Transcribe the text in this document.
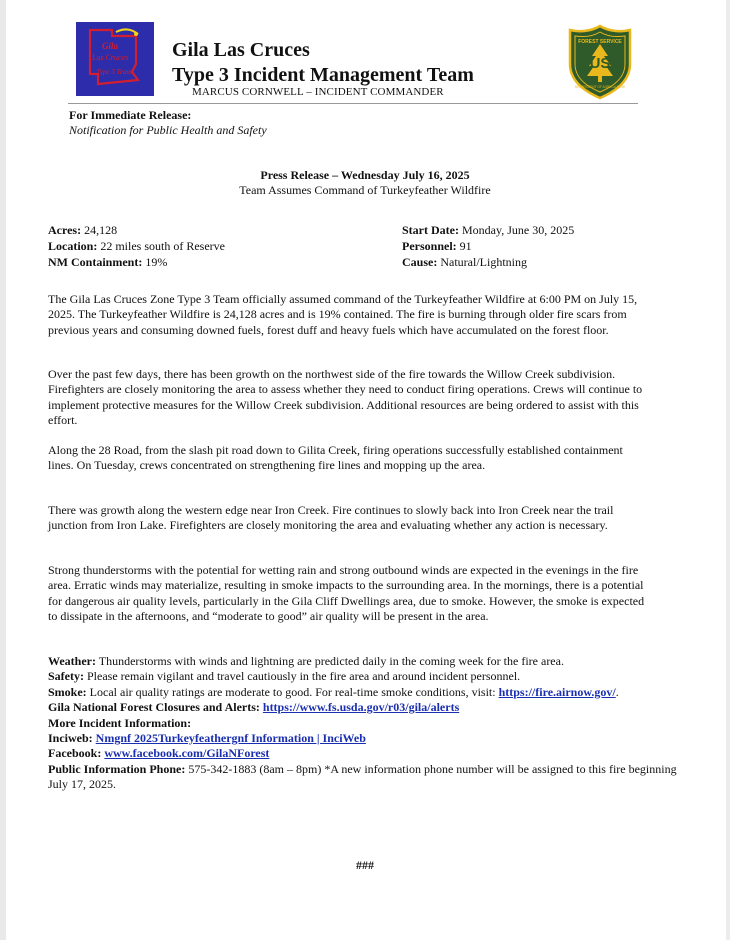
Gila
Las Cruces
Type 3 Team
Gila Las Cruces
Type 3 Incident Management Team
MARCUS CORNWELL – INCIDENT COMMANDER
FOREST SERVICE
US
DEPARTMENT OF AGRICULTURE
For Immediate Release:
Notification for Public Health and Safety
Press Release – Wednesday July 16, 2025
Team Assumes Command of Turkeyfeather Wildfire
Acres: 24,128
Location: 22 miles south of Reserve
NM Containment: 19%
Start Date: Monday, June 30, 2025
Personnel: 91
Cause: Natural/Lightning
The Gila Las Cruces Zone Type 3 Team officially assumed command of the Turkeyfeather Wildfire at 6:00 PM on July 15, 2025. The Turkeyfeather Wildfire is 24,128 acres and is 19% contained. The fire is burning through older fire scars from previous years and consuming downed fuels, forest duff and heavy fuels which have accumulated on the forest floor.
Over the past few days, there has been growth on the northwest side of the fire towards the Willow Creek subdivision. Firefighters are closely monitoring the area to assess whether they need to conduct firing operations. Crews will continue to implement protective measures for the Willow Creek subdivision. Additional resources are being ordered to assist with this effort.
Along the 28 Road, from the slash pit road down to Gilita Creek, firing operations successfully established containment lines. On Tuesday, crews concentrated on strengthening fire lines and mopping up the area.
There was growth along the western edge near Iron Creek. Fire continues to slowly back into Iron Creek near the trail junction from Iron Lake. Firefighters are closely monitoring the area and evaluating whether any action is necessary.
Strong thunderstorms with the potential for wetting rain and strong outbound winds are expected in the evenings in the fire area. Erratic winds may materialize, resulting in smoke impacts to the surrounding area. In the mornings, there is a potential for dangerous air quality levels, particularly in the Gila Cliff Dwellings area, due to smoke. However, the smoke is expected to dissipate in the afternoons, and “moderate to good” air quality will be present in the area.
Weather: Thunderstorms with winds and lightning are predicted daily in the coming week for the fire area.
Safety: Please remain vigilant and travel cautiously in the fire area and around incident personnel.
Smoke: Local air quality ratings are moderate to good. For real-time smoke conditions, visit: https://fire.airnow.gov/.
Gila National Forest Closures and Alerts: https://www.fs.usda.gov/r03/gila/alerts
More Incident Information:
Inciweb: Nmgnf 2025Turkeyfeathergnf Information | InciWeb
Facebook: www.facebook.com/GilaNForest
Public Information Phone: 575-342-1883 (8am – 8pm) *A new information phone number will be assigned to this fire beginning July 17, 2025.
###
